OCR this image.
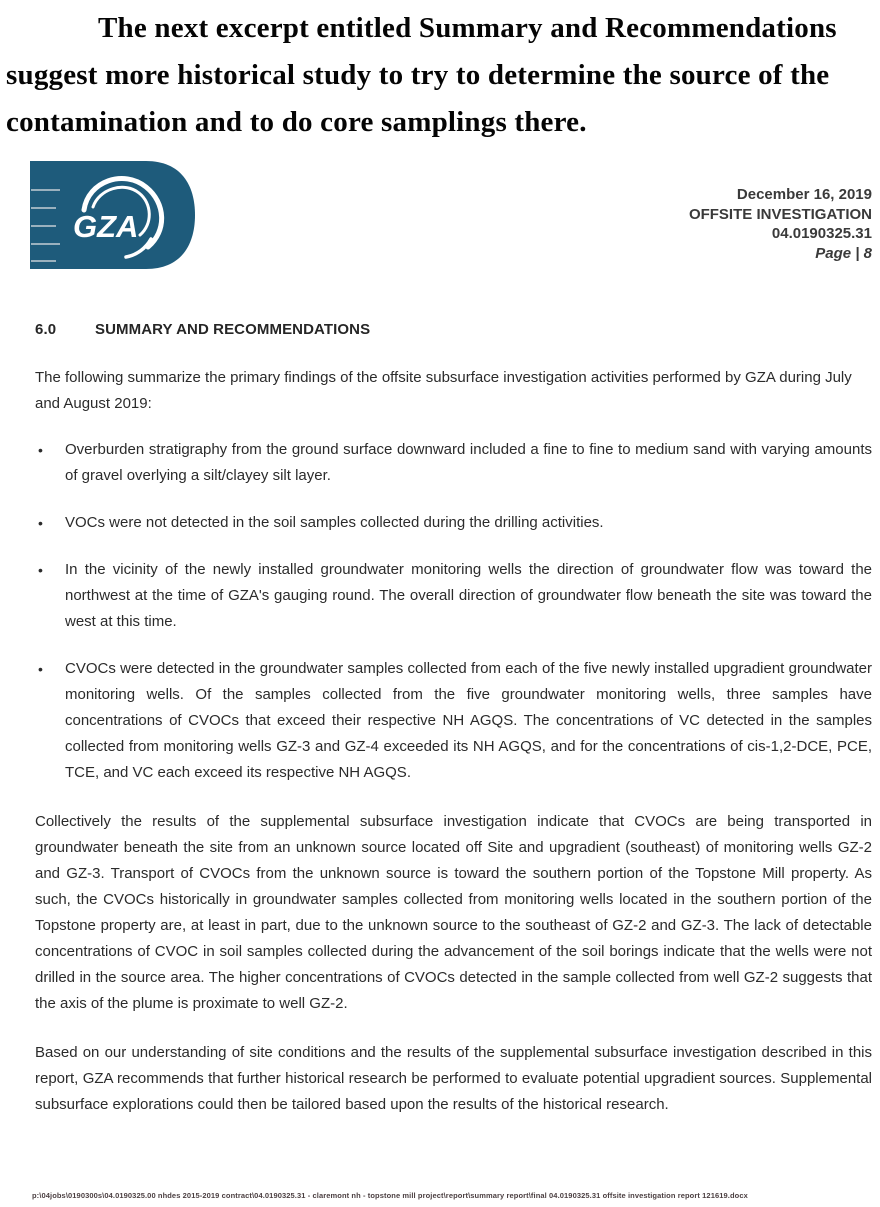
The next excerpt entitled Summary and Recommendations suggest more historical study to try to determine the source of the contamination and to do core samplings there.
GZA
December 16, 2019
OFFSITE INVESTIGATION
04.0190325.31
Page | 8
6.0	SUMMARY AND RECOMMENDATIONS
The following summarize the primary findings of the offsite subsurface investigation activities performed by GZA during July and August 2019:
• Overburden stratigraphy from the ground surface downward included a fine to fine to medium sand with varying amounts of gravel overlying a silt/clayey silt layer.
• VOCs were not detected in the soil samples collected during the drilling activities.
• In the vicinity of the newly installed groundwater monitoring wells the direction of groundwater flow was toward the northwest at the time of GZA's gauging round. The overall direction of groundwater flow beneath the site was toward the west at this time.
• CVOCs were detected in the groundwater samples collected from each of the five newly installed upgradient groundwater monitoring wells. Of the samples collected from the five groundwater monitoring wells, three samples have concentrations of CVOCs that exceed their respective NH AGQS. The concentrations of VC detected in the samples collected from monitoring wells GZ-3 and GZ-4 exceeded its NH AGQS, and for the concentrations of cis-1,2-DCE, PCE, TCE, and VC each exceed its respective NH AGQS.

Collectively the results of the supplemental subsurface investigation indicate that CVOCs are being transported in groundwater beneath the site from an unknown source located off Site and upgradient (southeast) of monitoring wells GZ-2 and GZ-3. Transport of CVOCs from the unknown source is toward the southern portion of the Topstone Mill property. As such, the CVOCs historically in groundwater samples collected from monitoring wells located in the southern portion of the Topstone property are, at least in part, due to the unknown source to the southeast of GZ-2 and GZ-3. The lack of detectable concentrations of CVOC in soil samples collected during the advancement of the soil borings indicate that the wells were not drilled in the source area. The higher concentrations of CVOCs detected in the sample collected from well GZ-2 suggests that the axis of the plume is proximate to well GZ-2.

Based on our understanding of site conditions and the results of the supplemental subsurface investigation described in this report, GZA recommends that further historical research be performed to evaluate potential upgradient sources. Supplemental subsurface explorations could then be tailored based upon the results of the historical research.

p:\04jobs\0190300s\04.0190325.00 nhdes 2015-2019 contract\04.0190325.31 - claremont nh - topstone mill project\report\summary report\final 04.0190325.31 offsite investigation report 121619.docx
